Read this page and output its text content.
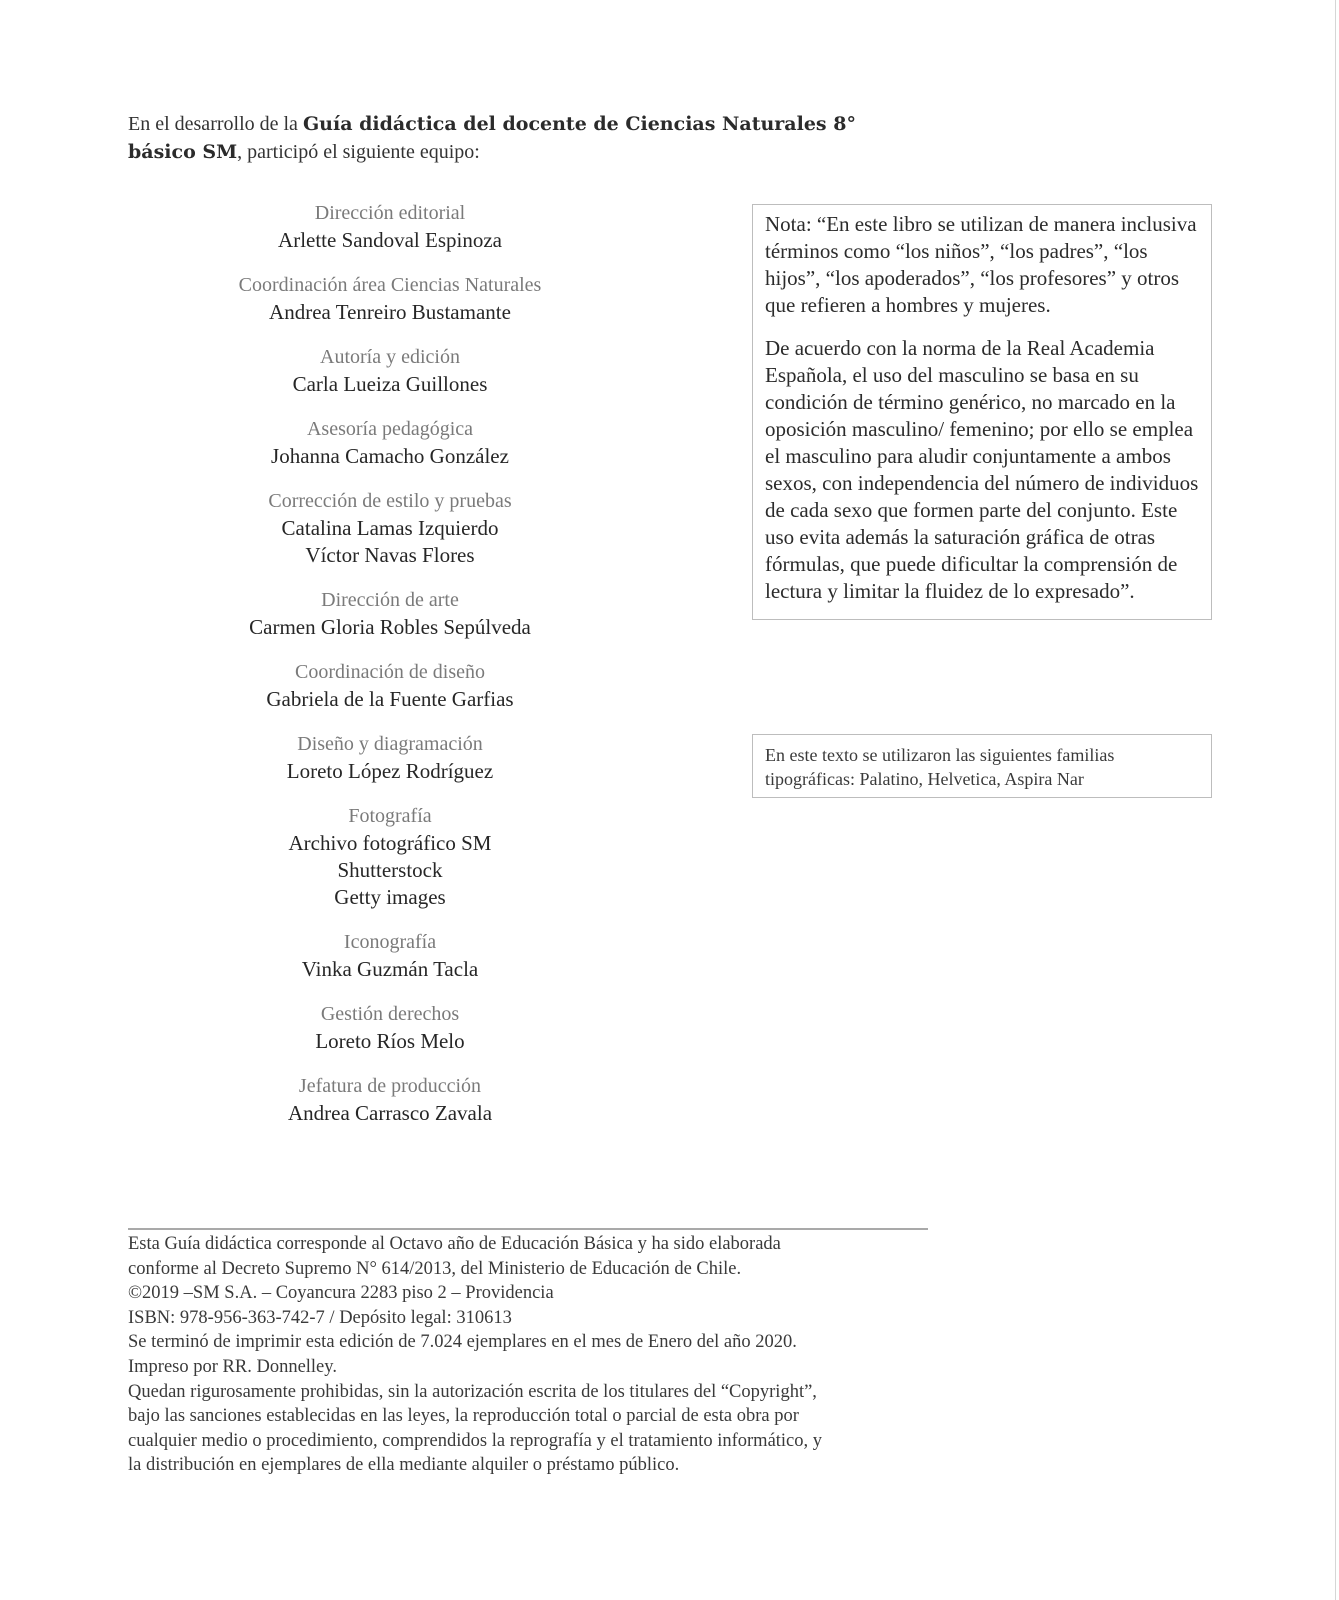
En el desarrollo de la Guía didáctica del docente de Ciencias Naturales 8° básico SM, participó el siguiente equipo:
Dirección editorial
Arlette Sandoval Espinoza
Coordinación área Ciencias Naturales
Andrea Tenreiro Bustamante
Autoría y edición
Carla Lueiza Guillones
Asesoría pedagógica
Johanna Camacho González
Corrección de estilo y pruebas
Catalina Lamas Izquierdo
Víctor Navas Flores
Dirección de arte
Carmen Gloria Robles Sepúlveda
Coordinación de diseño
Gabriela de la Fuente Garfias
Diseño y diagramación
Loreto López Rodríguez
Fotografía
Archivo fotográfico SM
Shutterstock
Getty images
Iconografía
Vinka Guzmán Tacla
Gestión derechos
Loreto Ríos Melo
Jefatura de producción
Andrea Carrasco Zavala

Nota: “En este libro se utilizan de manera inclusiva términos como “los niños”, “los padres”, “los hijos”, “los apoderados”, “los profesores” y otros que refieren a hombres y mujeres.

De acuerdo con la norma de la Real Academia Española, el uso del masculino se basa en su condición de término genérico, no marcado en la oposición masculino/ femenino; por ello se emplea el masculino para aludir conjuntamente a ambos sexos, con independencia del número de individuos de cada sexo que formen parte del conjunto. Este uso evita además la saturación gráfica de otras fórmulas, que puede dificultar la comprensión de lectura y limitar la fluidez de lo expresado”.

En este texto se utilizaron las siguientes familias tipográficas: Palatino, Helvetica, Aspira Nar
Esta Guía didáctica corresponde al Octavo año de Educación Básica y ha sido elaborada
conforme al Decreto Supremo N° 614/2013, del Ministerio de Educación de Chile.
©2019 –SM S.A. – Coyancura 2283 piso 2 – Providencia
ISBN: 978-956-363-742-7 / Depósito legal: 310613
Se terminó de imprimir esta edición de 7.024 ejemplares en el mes de Enero del año 2020.
Impreso por RR. Donnelley.
Quedan rigurosamente prohibidas, sin la autorización escrita de los titulares del “Copyright”,
bajo las sanciones establecidas en las leyes, la reproducción total o parcial de esta obra por
cualquier medio o procedimiento, comprendidos la reprografía y el tratamiento informático, y
la distribución en ejemplares de ella mediante alquiler o préstamo público.
